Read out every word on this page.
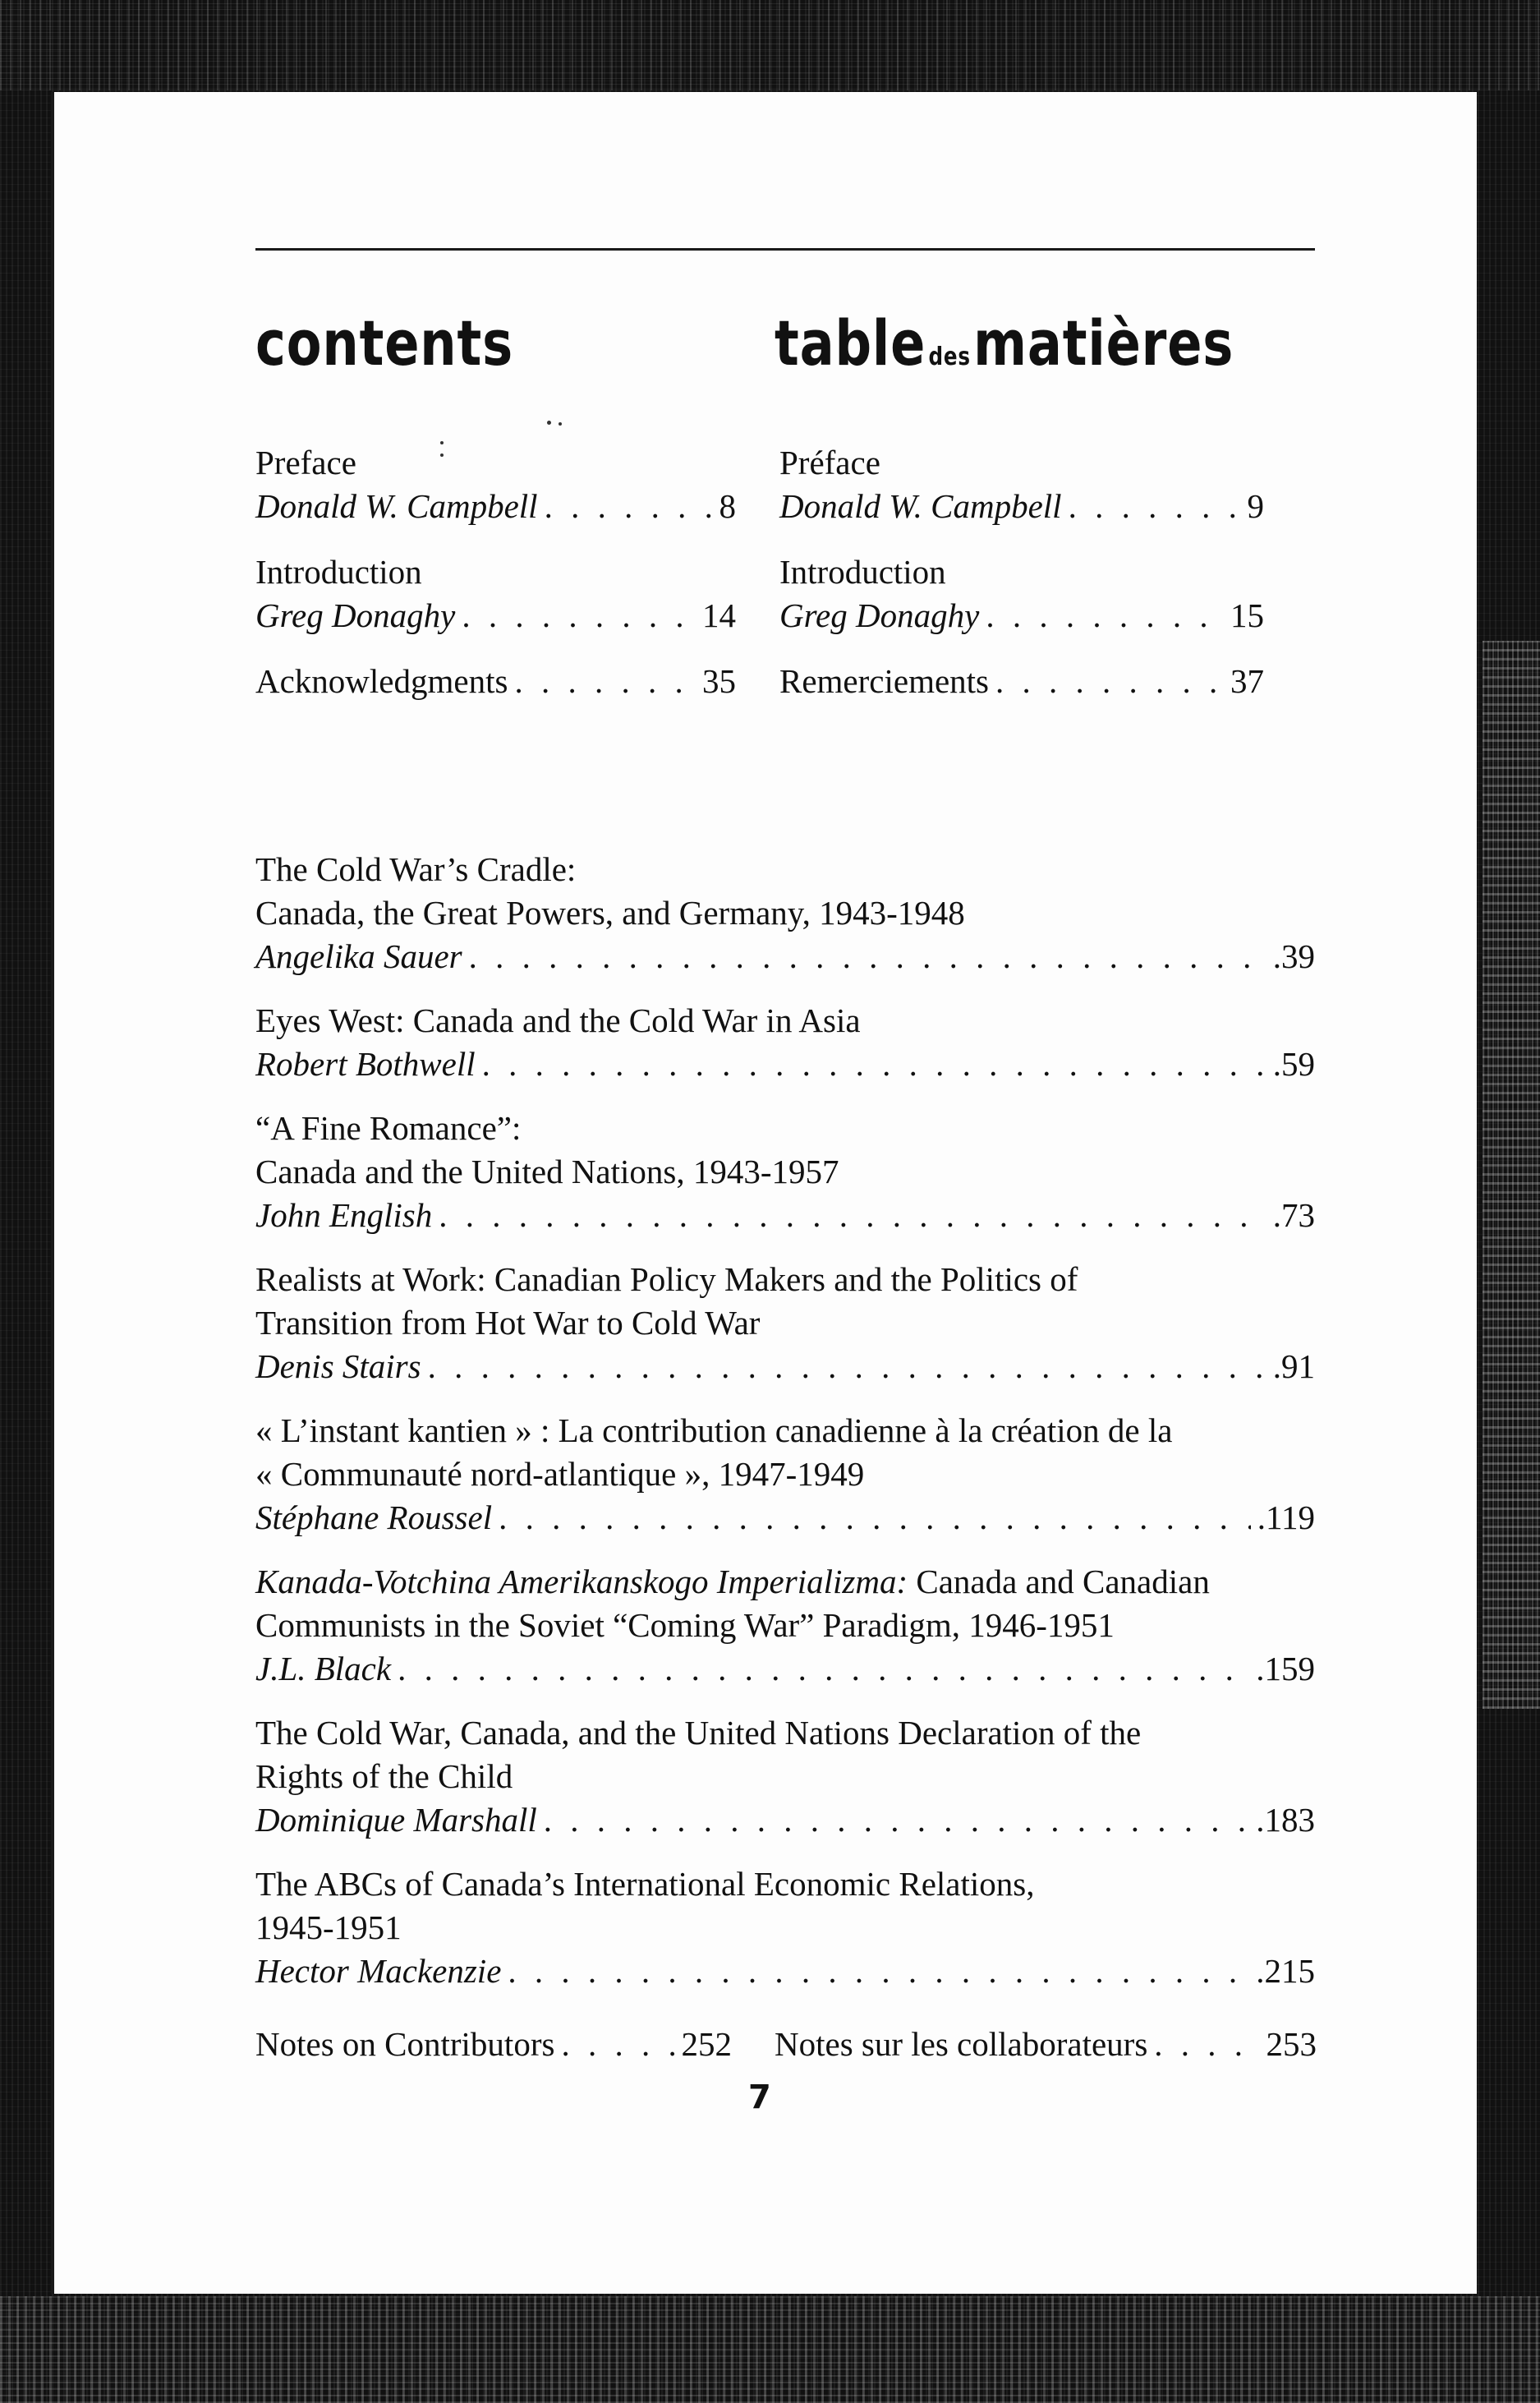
contents	table desmatières
Preface
Donald W. Campbell . . .	8
Introduction
Greg Donaghy . . .	14
Acknowledgments . . .	35
Préface
Donald W. Campbell . . .	9
Introduction
Greg Donaghy . . .	15
Remerciements . . .	37
The Cold War’s Cradle:
Canada, the Great Powers, and Germany, 1943-1948
Angelika Sauer . . .	.39
Eyes West: Canada and the Cold War in Asia
Robert Bothwell . . .	.59
“A Fine Romance”:
Canada and the United Nations, 1943-1957
John English . . .	.73
Realists at Work: Canadian Policy Makers and the Politics of
Transition from Hot War to Cold War
Denis Stairs . . .	.91
« L’instant kantien » : La contribution canadienne à la création de la
« Communauté nord-atlantique », 1947-1949
Stéphane Roussel . . .	.119
Kanada-Votchina Amerikanskogo Imperializma: Canada and Canadian
Communists in the Soviet “Coming War” Paradigm, 1946-1951
J.L. Black . . .	.159
The Cold War, Canada, and the United Nations Declaration of the
Rights of the Child
Dominique Marshall . . .	.183
The ABCs of Canada’s International Economic Relations,
1945-1951
Hector Mackenzie . . .	.215
Notes on Contributors . . .	252 Notes sur les collaborateurs . . .	253
7
